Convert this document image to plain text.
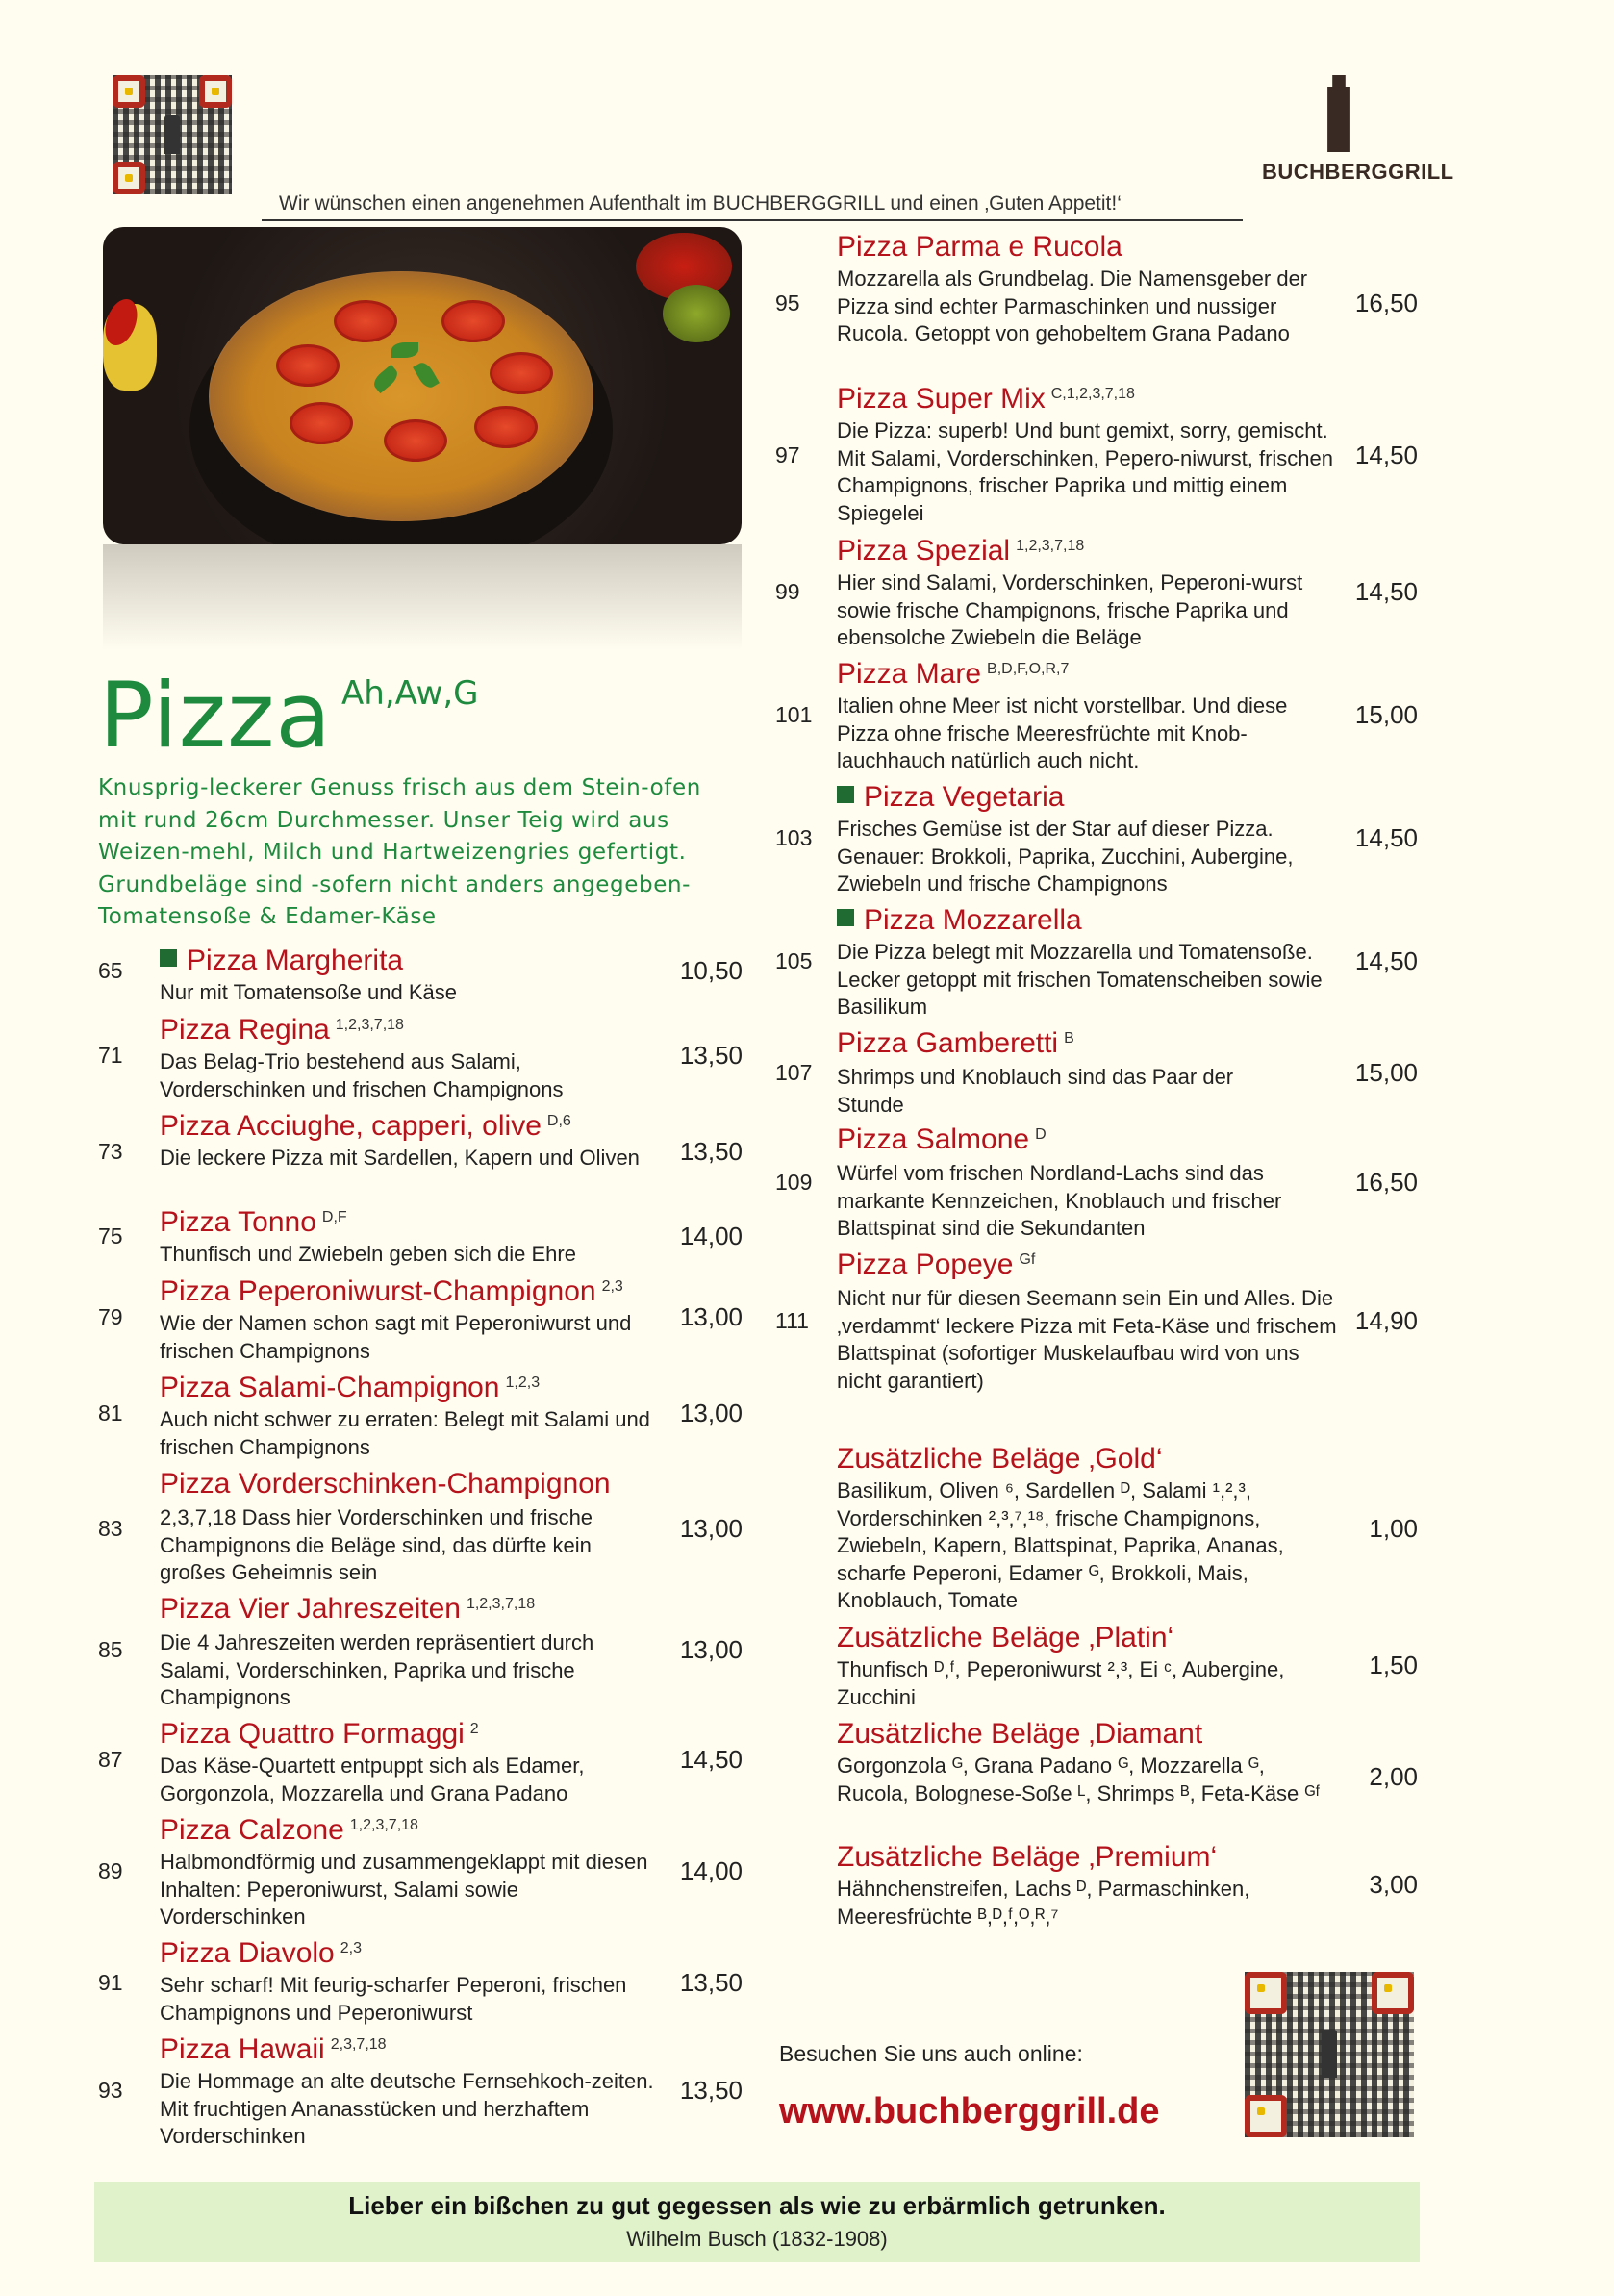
Wir wünschen einen angenehmen Aufenthalt im BUCHBERGGRILL und einen ‚Guten Appetit!‘
BUCHBERGGRILL
Pizza Ah,Aw,G
Knusprig-leckerer Genuss frisch aus dem Stein-ofen mit rund 26cm Durchmesser. Unser Teig wird aus Weizen-mehl, Milch und Hartweizengries gefertigt. Grundbeläge sind -sofern nicht anders angegeben- Tomatensoße & Edamer-Käse
65	Pizza Margherita
Nur mit Tomatensoße und Käse
10,50
71
Pizza Regina $^{1,2,3,7,18}$
Das Belag-Trio bestehend aus Salami, Vorderschinken und frischen Champignons
13,50
73
Pizza Acciughe, capperi, olive $^{D,6}$
Die leckere Pizza mit Sardellen, Kapern und Oliven	13,50
75 Pizza Tonno $^{D,F}$
Thunfisch und Zwiebeln geben sich die Ehre
14,00
79
Pizza Peperoniwurst-Champignon $^{2,3}$
Wie der Namen schon sagt mit Peperoniwurst und frischen Champignons
13,00
81
Pizza Salami-Champignon $^{1,2,3}$
Auch nicht schwer zu erraten: Belegt mit Salami und frischen Champignons
13,00
83
Pizza Vorderschinken-Champignon
2,3,7,18 Dass hier Vorderschinken und frische Champignons die Beläge sind, das dürfte kein großes Geheimnis sein
13,00
85
Pizza Vier Jahreszeiten $^{1,2,3,7,18}$
Die 4 Jahreszeiten werden repräsentiert durch Salami, Vorderschinken, Paprika und frische Champignons
13,00
87
Pizza Quattro Formaggi $^2$
Das Käse-Quartett entpuppt sich als Edamer, Gorgonzola, Mozzarella und Grana Padano
14,50
89
Pizza Calzone $^{1,2,3,7,18}$
Halbmondförmig und zusammengeklappt mit diesen Inhalten: Peperoniwurst, Salami sowie Vorderschinken
14,00
91
Pizza Diavolo $^{2,3}$
Sehr scharf! Mit feurig-scharfer Peperoni, frischen Champignons und Peperoniwurst
13,50
93
Pizza Hawaii $^{2,3,7,18}$
Die Hommage an alte deutsche Fernsehkoch-zeiten. Mit fruchtigen Ananasstücken und herzhaftem Vorderschinken
13,50
95
Pizza Parma e Rucola
Mozzarella als Grundbelag. Die Namensgeber der Pizza sind echter Parmaschinken und nussiger Rucola. Getoppt von gehobeltem Grana Padano
16,50
97
Pizza Super Mix $^{C,1,2,3,7,18}$
Die Pizza: superb! Und bunt gemixt, sorry, gemischt. Mit Salami, Vorderschinken, Pepero-niwurst, frischen Champignons, frischer Paprika und mittig einem Spiegelei
14,50
99
Pizza Spezial $^{1,2,3,7,18}$
Hier sind Salami, Vorderschinken, Peperoni-wurst sowie frische Champignons, frische Paprika und ebensolche Zwiebeln die Beläge
14,50
101
Pizza Mare $^{B,D,F,O,R,7}$
Italien ohne Meer ist nicht vorstellbar. Und diese Pizza ohne frische Meeresfrüchte mit Knob-lauchhauch natürlich auch nicht.
15,00
103
Pizza Vegetaria
Frisches Gemüse ist der Star auf dieser Pizza. Genauer: Brokkoli, Paprika, Zucchini, Aubergine, Zwiebeln und frische Champignons
14,50
105
Pizza Mozzarella
Die Pizza belegt mit Mozzarella und Tomatensoße. Lecker getoppt mit frischen Tomatenscheiben sowie Basilikum
14,50
107
Pizza Gamberetti $^B$
Shrimps und Knoblauch sind das Paar der Stunde
15,00
109
Pizza Salmone $^D$
Würfel vom frischen Nordland-Lachs sind das markante Kennzeichen, Knoblauch und frischer Blattspinat sind die Sekundanten
16,50
111
Pizza Popeye $^{Gf}$
Nicht nur für diesen Seemann sein Ein und Alles. Die ‚verdammt‘ leckere Pizza mit Feta-Käse und frischem Blattspinat (sofortiger Muskelaufbau wird von uns nicht garantiert)
14,90
Zusätzliche Beläge ‚Gold‘
Basilikum, Oliven ⁶, Sardellen ᴰ, Salami ¹,²,³, Vorderschinken ²,³,⁷,¹⁸, frische Champignons, Zwiebeln, Kapern, Blattspinat, Paprika, Ananas, scharfe Peperoni, Edamer ᴳ, Brokkoli, Mais, Knoblauch, Tomate
1,00
Zusätzliche Beläge ‚Platin‘
Thunfisch ᴰ,ᶠ, Peperoniwurst ²,³, Ei ᶜ, Aubergine, Zucchini
1,50
Zusätzliche Beläge ‚Diamant
Gorgonzola ᴳ, Grana Padano ᴳ, Mozzarella ᴳ, Rucola, Bolognese-Soße ᴸ, Shrimps ᴮ, Feta-Käse ᴳᶠ
2,00
Zusätzliche Beläge ‚Premium‘
Hähnchenstreifen, Lachs ᴰ, Parmaschinken, Meeresfrüchte ᴮ,ᴰ,ᶠ,ᴼ,ᴿ,⁷
3,00
Besuchen Sie uns auch online:
www.buchberggrill.de
Lieber ein bißchen zu gut gegessen als wie zu erbärmlich getrunken.
Wilhelm Busch (1832-1908)
